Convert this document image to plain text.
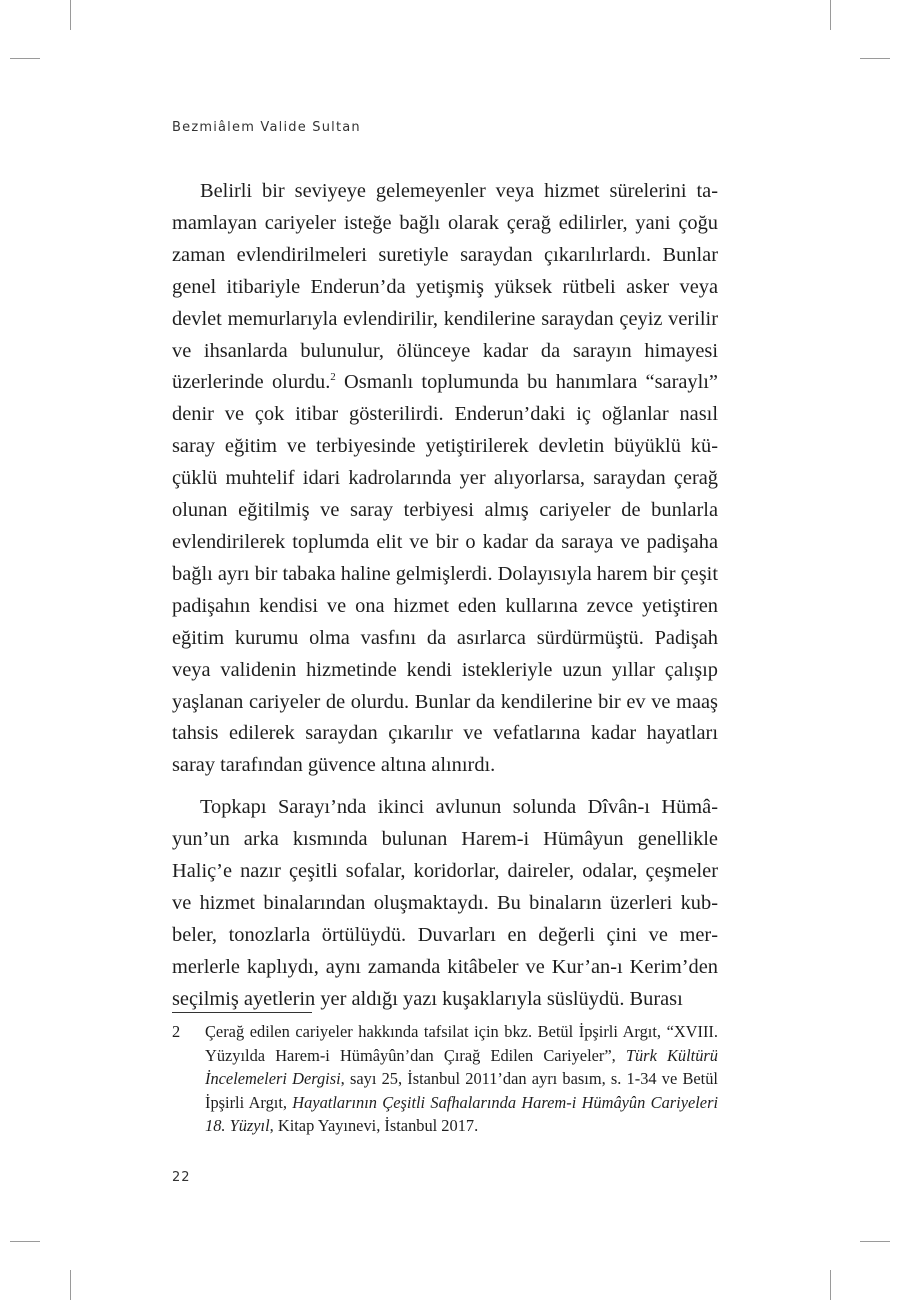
Bezmiâlem Valide Sultan

Belirli bir seviyeye gelemeyenler veya hizmet sürelerini tamamlayan cariyeler isteğe bağlı olarak çerağ edilirler, yani çoğu zaman evlendirilmeleri suretiyle saraydan çıkarılırlardı. Bunlar genel itibariyle Enderun’da yetişmiş yüksek rütbeli asker veya devlet memurlarıyla evlendirilir, kendilerine saraydan çeyiz verilir ve ihsanlarda bulunulur, ölünceye kadar da sarayın himayesi üzerlerinde olurdu.$^2$ Osmanlı toplumunda bu hanımlara “saraylı” denir ve çok itibar gösterilirdi. Enderun’daki iç oğlanlar nasıl saray eğitim ve terbiyesinde yetiştirilerek devletin büyüklü küçüklü muhtelif idari kadrolarında yer alıyorlarsa, saraydan çerağ olunan eğitilmiş ve saray terbiyesi almış cariyeler de bunlarla evlendirilerek toplumda elit ve bir o kadar da saraya ve padişaha bağlı ayrı bir tabaka haline gelmişlerdi. Dolayısıyla harem bir çeşit padişahın kendisi ve ona hizmet eden kullarına zevce yetiştiren eğitim kurumu olma vasfını da asırlarca sürdürmüştü. Padişah veya validenin hizmetinde kendi istekleriyle uzun yıllar çalışıp yaşlanan cariyeler de olurdu. Bunlar da kendilerine bir ev ve maaş tahsis edilerek saraydan çıkarılır ve vefatlarına kadar hayatları saray tarafından güvence altına alınırdı.

Topkapı Sarayı’nda ikinci avlunun solunda Dîvân-ı Hümâyun’un arka kısmında bulunan Harem-i Hümâyun genellikle Haliç’e nazır çeşitli sofalar, koridorlar, daireler, odalar, çeşmeler ve hizmet binalarından oluşmaktaydı. Bu binaların üzerleri kubbeler, tonozlarla örtülüydü. Duvarları en değerli çini ve mermerlerle kaplıydı, aynı zamanda kitâbeler ve Kur’an-ı Kerim’den seçilmiş ayetlerin yer aldığı yazı kuşaklarıyla süslüydü. Burası

2	Çerağ edilen cariyeler hakkında tafsilat için bkz. Betül İpşirli Argıt, “XVIII. Yüzyılda Harem-i Hümâyûn’dan Çırağ Edilen Cariyeler”, Türk Kültürü İncelemeleri Dergisi, sayı 25, İstanbul 2011’dan ayrı basım, s. 1-34 ve Betül İpşirli Argıt, Hayatlarının Çeşitli Safhalarında Harem-i Hümâyûn Cariyeleri 18. Yüzyıl, Kitap Yayınevi, İstanbul 2017.
22
